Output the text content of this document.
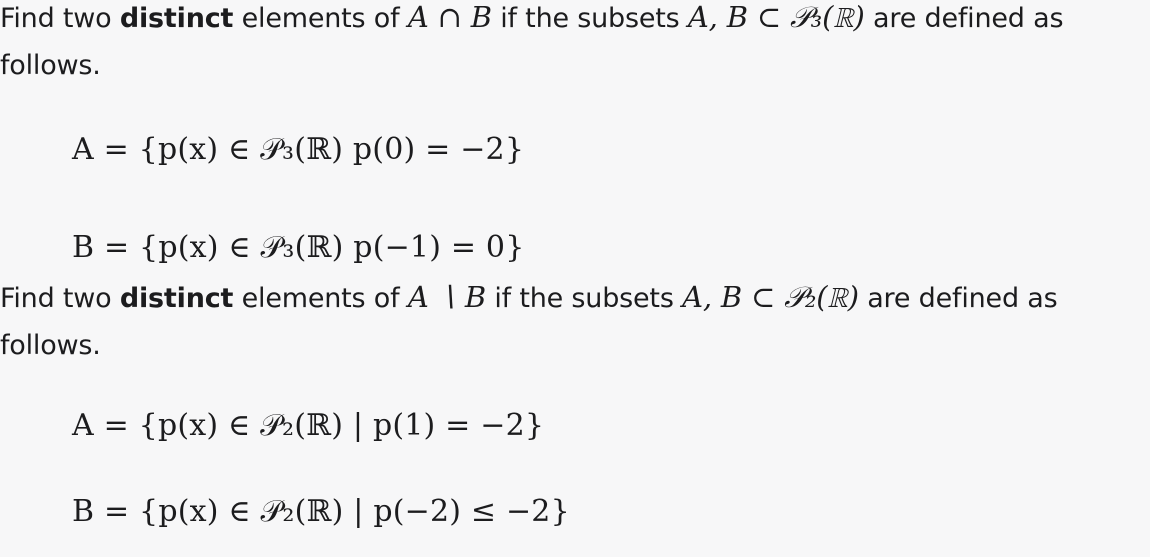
Find two distinct elements of A ∩ B if the subsets A, B ⊂ 𝒫₃(ℝ) are defined as follows.
A = {p(x) ∈ 𝒫₃(ℝ) p(0) = −2}
B = {p(x) ∈ 𝒫₃(ℝ) p(−1) = 0}
Find two distinct elements of A ∖ B if the subsets A, B ⊂ 𝒫₂(ℝ) are defined as follows.
A = {p(x) ∈ 𝒫₂(ℝ) | p(1) = −2}
B = {p(x) ∈ 𝒫₂(ℝ) | p(−2) ≤ −2}
